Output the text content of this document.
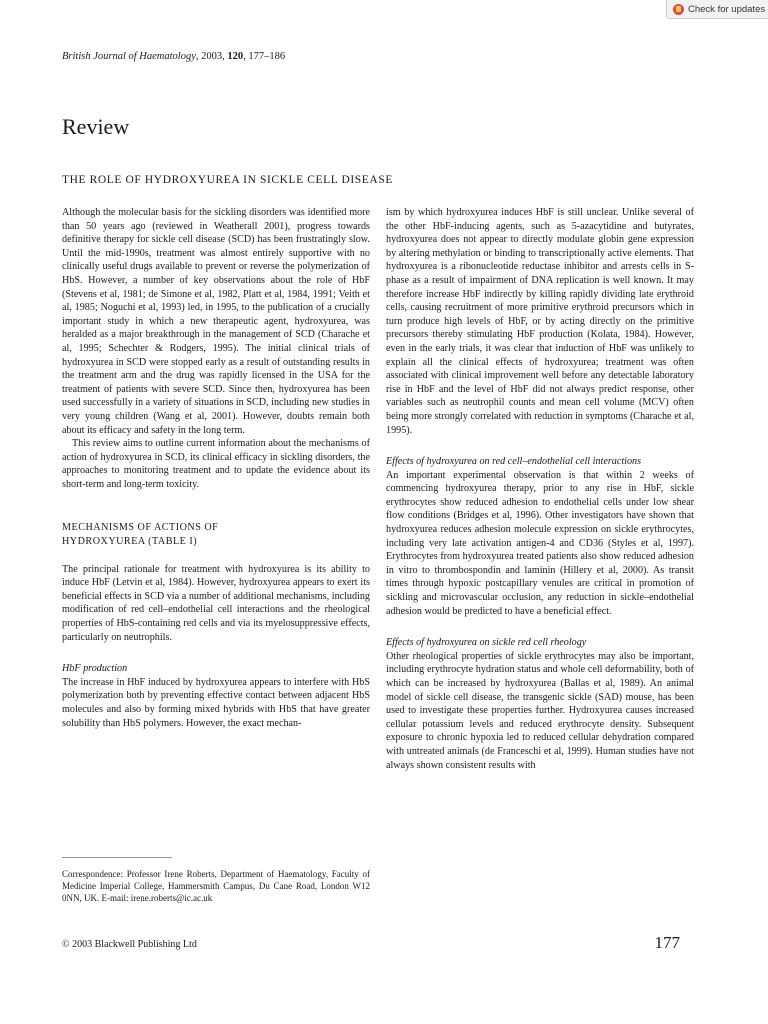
Check for updates
British Journal of Haematology, 2003, 120, 177–186
Review
THE ROLE OF HYDROXYUREA IN SICKLE CELL DISEASE

Although the molecular basis for the sickling disorders was identified more than 50 years ago (reviewed in Weatherall 2001), progress towards definitive therapy for sickle cell disease (SCD) has been frustratingly slow. Until the mid-1990s, treatment was almost entirely supportive with no clinically useful drugs available to prevent or reverse the polymerization of HbS. However, a number of key observations about the role of HbF (Stevens et al, 1981; de Simone et al, 1982, Platt et al, 1984, 1991; Veith et al, 1985; Noguchi et al, 1993) led, in 1995, to the publication of a crucially important study in which a new therapeutic agent, hydroxyurea, was heralded as a major breakthrough in the management of SCD (Charache et al, 1995; Schechter & Rodgers, 1995). The initial clinical trials of hydroxyurea in SCD were stopped early as a result of outstanding results in the treatment arm and the drug was rapidly licensed in the USA for the treatment of patients with severe SCD. Since then, hydroxyurea has been used successfully in a variety of situations in SCD, including new studies in very young children (Wang et al, 2001). However, doubts remain both about its efficacy and safety in the long term.

This review aims to outline current information about the mechanisms of action of hydroxyurea in SCD, its clinical efficacy in sickling disorders, the approaches to monitoring treatment and to update the evidence about its short-term and long-term toxicity.

MECHANISMS OF ACTIONS OF
HYDROXYUREA (TABLE I)

The principal rationale for treatment with hydroxyurea is its ability to induce HbF (Letvin et al, 1984). However, hydroxyurea appears to exert its beneficial effects in SCD via a number of additional mechanisms, including modification of red cell–endothelial cell interactions and the rheological properties of HbS-containing red cells and via its myelosuppressive effects, particularly on neutrophils.

HbF production

The increase in HbF induced by hydroxyurea appears to interfere with HbS polymerization both by preventing effective contact between adjacent HbS molecules and also by forming mixed hybrids with HbS that have greater solubility than HbS polymers. However, the exact mechan-

ism by which hydroxyurea induces HbF is still unclear. Unlike several of the other HbF-inducing agents, such as 5-azacytidine and butyrates, hydroxyurea does not appear to directly modulate globin gene expression by altering methylation or binding to transcriptionally active elements. That hydroxyurea is a ribonucleotide reductase inhibitor and arrests cells in S-phase as a result of impairment of DNA replication is well known. It may therefore increase HbF indirectly by killing rapidly dividing late erythroid cells, causing recruitment of more primitive erythroid precursors which in turn produce high levels of HbF, or by acting directly on the primitive precursors thereby stimulating HbF production (Kolata, 1984). However, even in the early trials, it was clear that induction of HbF was unlikely to explain all the clinical effects of hydroxyurea; treatment was often associated with clinical improvement well before any detectable laboratory rise in HbF and the level of HbF did not always predict response, other variables such as neutrophil counts and mean cell volume (MCV) often being more strongly correlated with reduction in symptoms (Charache et al, 1995).

Effects of hydroxyurea on red cell–endothelial cell interactions

An important experimental observation is that within 2 weeks of commencing hydroxyurea therapy, prior to any rise in HbF, sickle erythrocytes show reduced adhesion to endothelial cells under low shear flow conditions (Bridges et al, 1996). Other investigators have shown that hydroxyurea reduces adhesion molecule expression on sickle erythrocytes, including very late activation antigen-4 and CD36 (Styles et al, 1997). Erythrocytes from hydroxyurea treated patients also show reduced adhesion in vitro to thrombospondin and laminin (Hillery et al, 2000). As transit times through hypoxic postcapillary venules are critical in promotion of sickling and microvascular occlusion, any reduction in sickle–endothelial adhesion would be predicted to have a beneficial effect.

Effects of hydroxyurea on sickle red cell rheology

Other rheological properties of sickle erythrocytes may also be important, including erythrocyte hydration status and whole cell deformability, both of which can be increased by hydroxyurea (Ballas et al, 1989). An animal model of sickle cell disease, the transgenic sickle (SAD) mouse, has been used to investigate these properties further. Hydroxyurea causes increased cellular potassium levels and reduced erythrocyte density. Subsequent exposure to chronic hypoxia led to reduced cellular dehydration compared with untreated animals (de Franceschi et al, 1999). Human studies have not always shown consistent results with

Correspondence: Professor Irene Roberts, Department of Haematology, Faculty of Medicine Imperial College, Hammersmith Campus, Du Cane Road, London W12 0NN, UK. E-mail: irene.roberts@ic.ac.uk
© 2003 Blackwell Publishing Ltd	177
